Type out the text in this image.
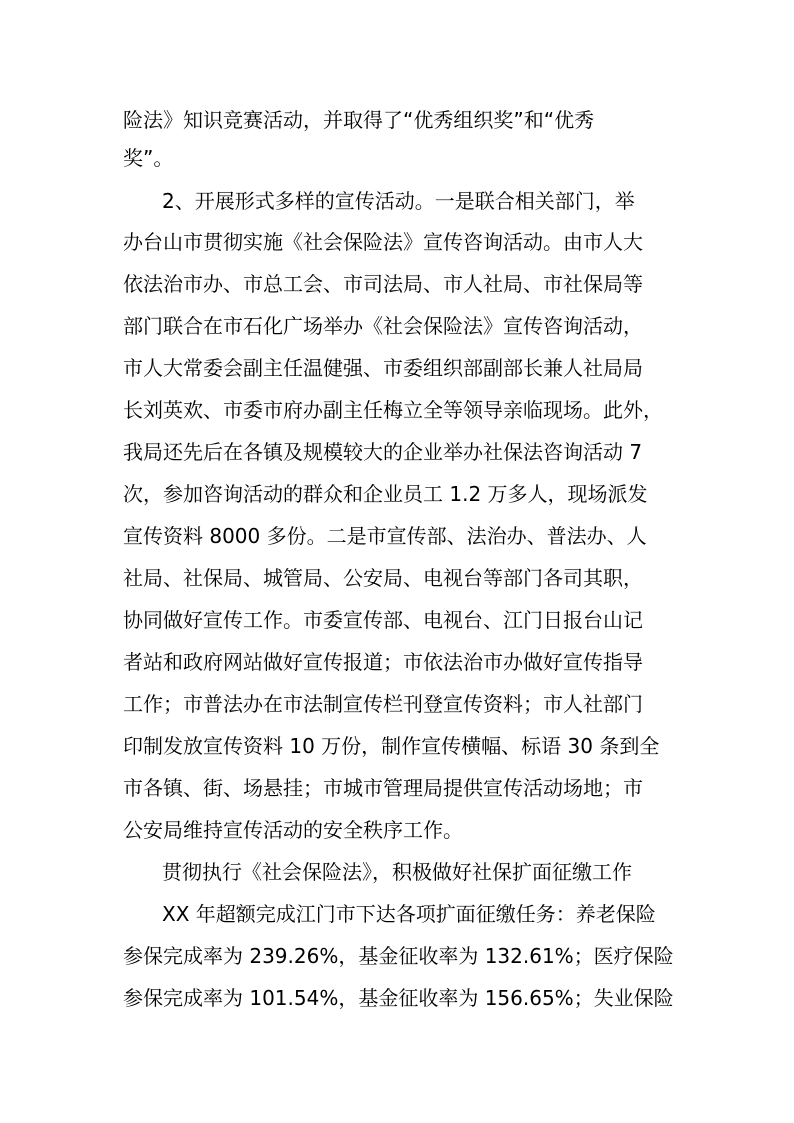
险法》知识竞赛活动，并取得了“优秀组织奖”和“优秀
奖”。
2、开展形式多样的宣传活动。一是联合相关部门，举
办台山市贯彻实施《社会保险法》宣传咨询活动。由市人大
依法治市办、市总工会、市司法局、市人社局、市社保局等
部门联合在市石化广场举办《社会保险法》宣传咨询活动，
市人大常委会副主任温健强、市委组织部副部长兼人社局局
长刘英欢、市委市府办副主任梅立全等领导亲临现场。此外，
我局还先后在各镇及规模较大的企业举办社保法咨询活动 7
次，参加咨询活动的群众和企业员工 1.2 万多人，现场派发
宣传资料 8000 多份。二是市宣传部、法治办、普法办、人
社局、社保局、城管局、公安局、电视台等部门各司其职，
协同做好宣传工作。市委宣传部、电视台、江门日报台山记
者站和政府网站做好宣传报道；市依法治市办做好宣传指导
工作；市普法办在市法制宣传栏刊登宣传资料；市人社部门
印制发放宣传资料 10 万份，制作宣传横幅、标语 30 条到全
市各镇、街、场悬挂；市城市管理局提供宣传活动场地；市
公安局维持宣传活动的安全秩序工作。
贯彻执行《社会保险法》，积极做好社保扩面征缴工作
XX 年超额完成江门市下达各项扩面征缴任务：养老保险
参保完成率为 239.26%，基金征收率为 132.61%；医疗保险
参保完成率为 101.54%，基金征收率为 156.65%；失业保险
